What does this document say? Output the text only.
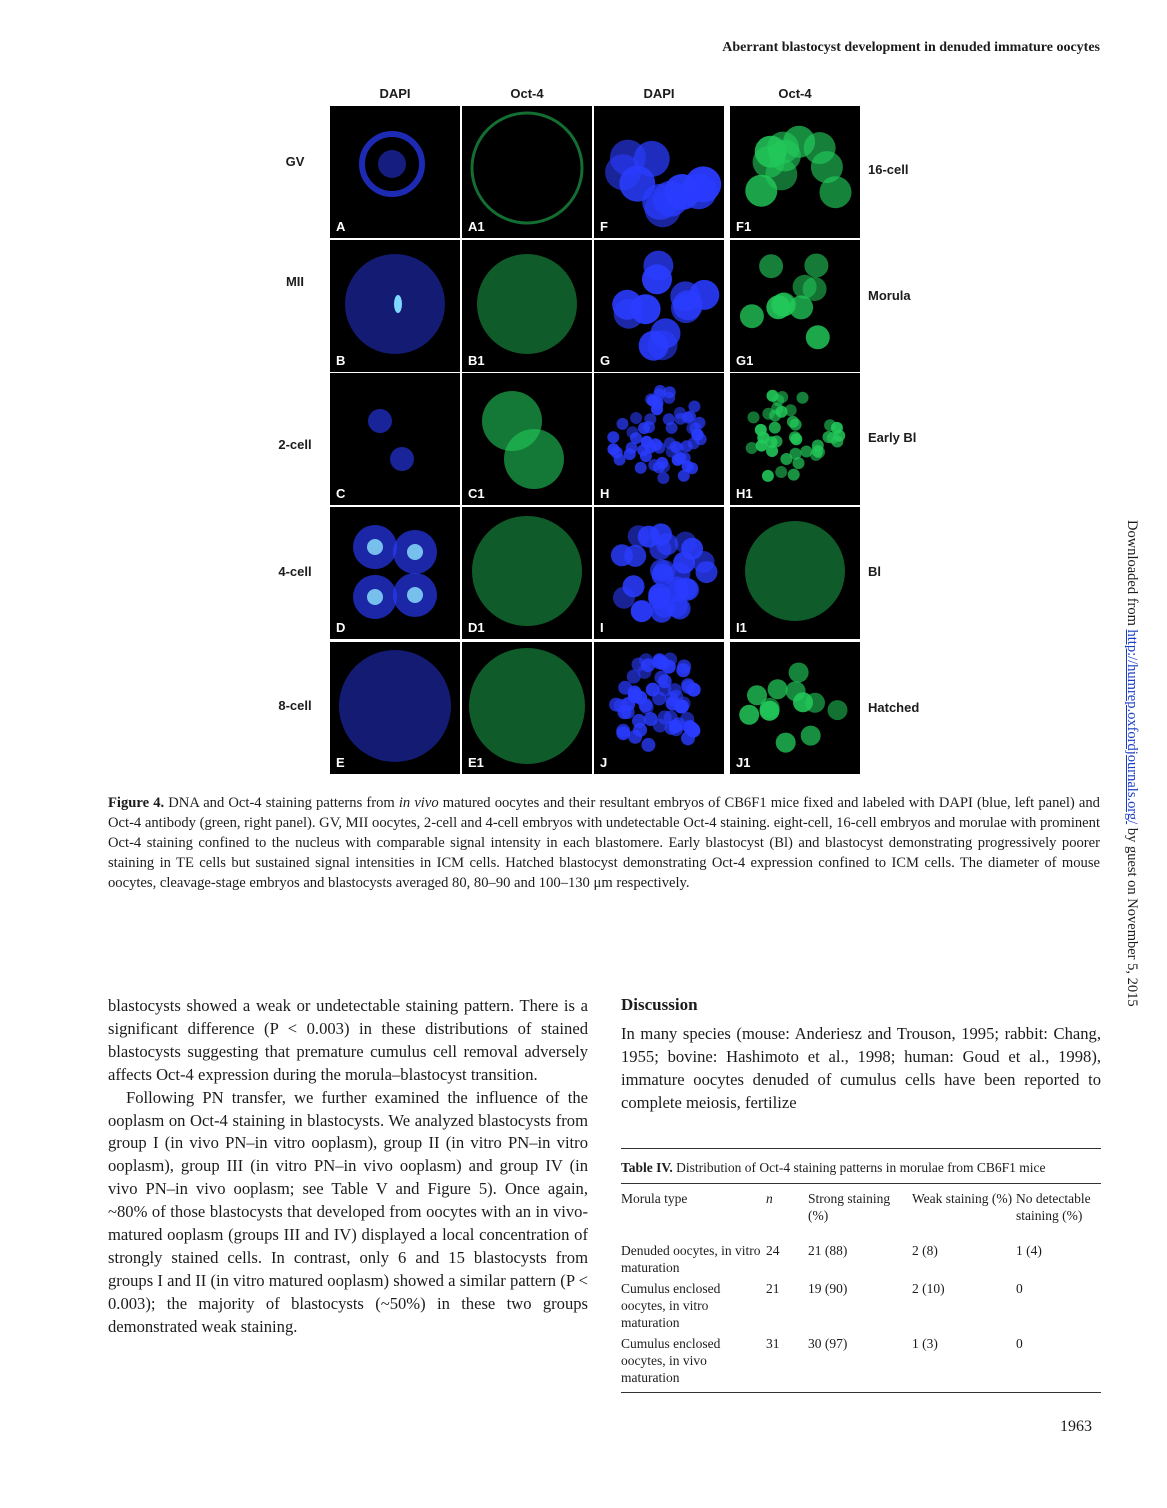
Aberrant blastocyst development in denuded immature oocytes
Downloaded from http://humrep.oxfordjournals.org/ by guest on November 5, 2015
DAPI	Oct-4	DAPI	Oct-4
GV
MII
2-cell
4-cell
8-cell
16-cell
Morula
Early Bl
Bl
Hatched
A	A1	F	F1
B	B1	G	G1
C	C1	H	H1
D	D1	I	I1
E	E1	J	J1
Figure 4. DNA and Oct-4 staining patterns from in vivo matured oocytes and their resultant embryos of CB6F1 mice fixed and labeled with DAPI (blue, left panel) and Oct-4 antibody (green, right panel). GV, MII oocytes, 2-cell and 4-cell embryos with undetectable Oct-4 staining. eight-cell, 16-cell embryos and morulae with prominent Oct-4 staining confined to the nucleus with comparable signal intensity in each blastomere. Early blastocyst (Bl) and blastocyst demonstrating progressively poorer staining in TE cells but sustained signal intensities in ICM cells. Hatched blastocyst demonstrating Oct-4 expression confined to ICM cells. The diameter of mouse oocytes, cleavage-stage embryos and blastocysts averaged 80, 80–90 and 100–130 μm respectively.

blastocysts showed a weak or undetectable staining pattern. There is a significant difference (P < 0.003) in these distributions of stained blastocysts suggesting that premature cumulus cell removal adversely affects Oct-4 expression during the morula–blastocyst transition.

Following PN transfer, we further examined the influence of the ooplasm on Oct-4 staining in blastocysts. We analyzed blastocysts from group I (in vivo PN–in vitro ooplasm), group II (in vitro PN–in vitro ooplasm), group III (in vitro PN–in vivo ooplasm) and group IV (in vivo PN–in vivo ooplasm; see Table V and Figure 5). Once again, ~80% of those blastocysts that developed from oocytes with an in vivo-matured ooplasm (groups III and IV) displayed a local concentration of strongly stained cells. In contrast, only 6 and 15 blastocysts from groups I and II (in vitro matured ooplasm) showed a similar pattern (P < 0.003); the majority of blastocysts (~50%) in these two groups demonstrated weak staining.

Discussion

In many species (mouse: Anderiesz and Trouson, 1995; rabbit: Chang, 1955; bovine: Hashimoto et al., 1998; human: Goud et al., 1998), immature oocytes denuded of cumulus cells have been reported to complete meiosis, fertilize

Table IV. Distribution of Oct-4 staining patterns in morulae from CB6F1 mice
Morula type	n	Strong staining (%)	Weak staining (%)	No detectable staining (%)
Denuded oocytes, in vitro maturation	24	21 (88)	2 (8)	1 (4)
Cumulus enclosed oocytes, in vitro maturation	21	19 (90)	2 (10)	0
Cumulus enclosed oocytes, in vivo maturation	31	30 (97)	1 (3)	0
1963
